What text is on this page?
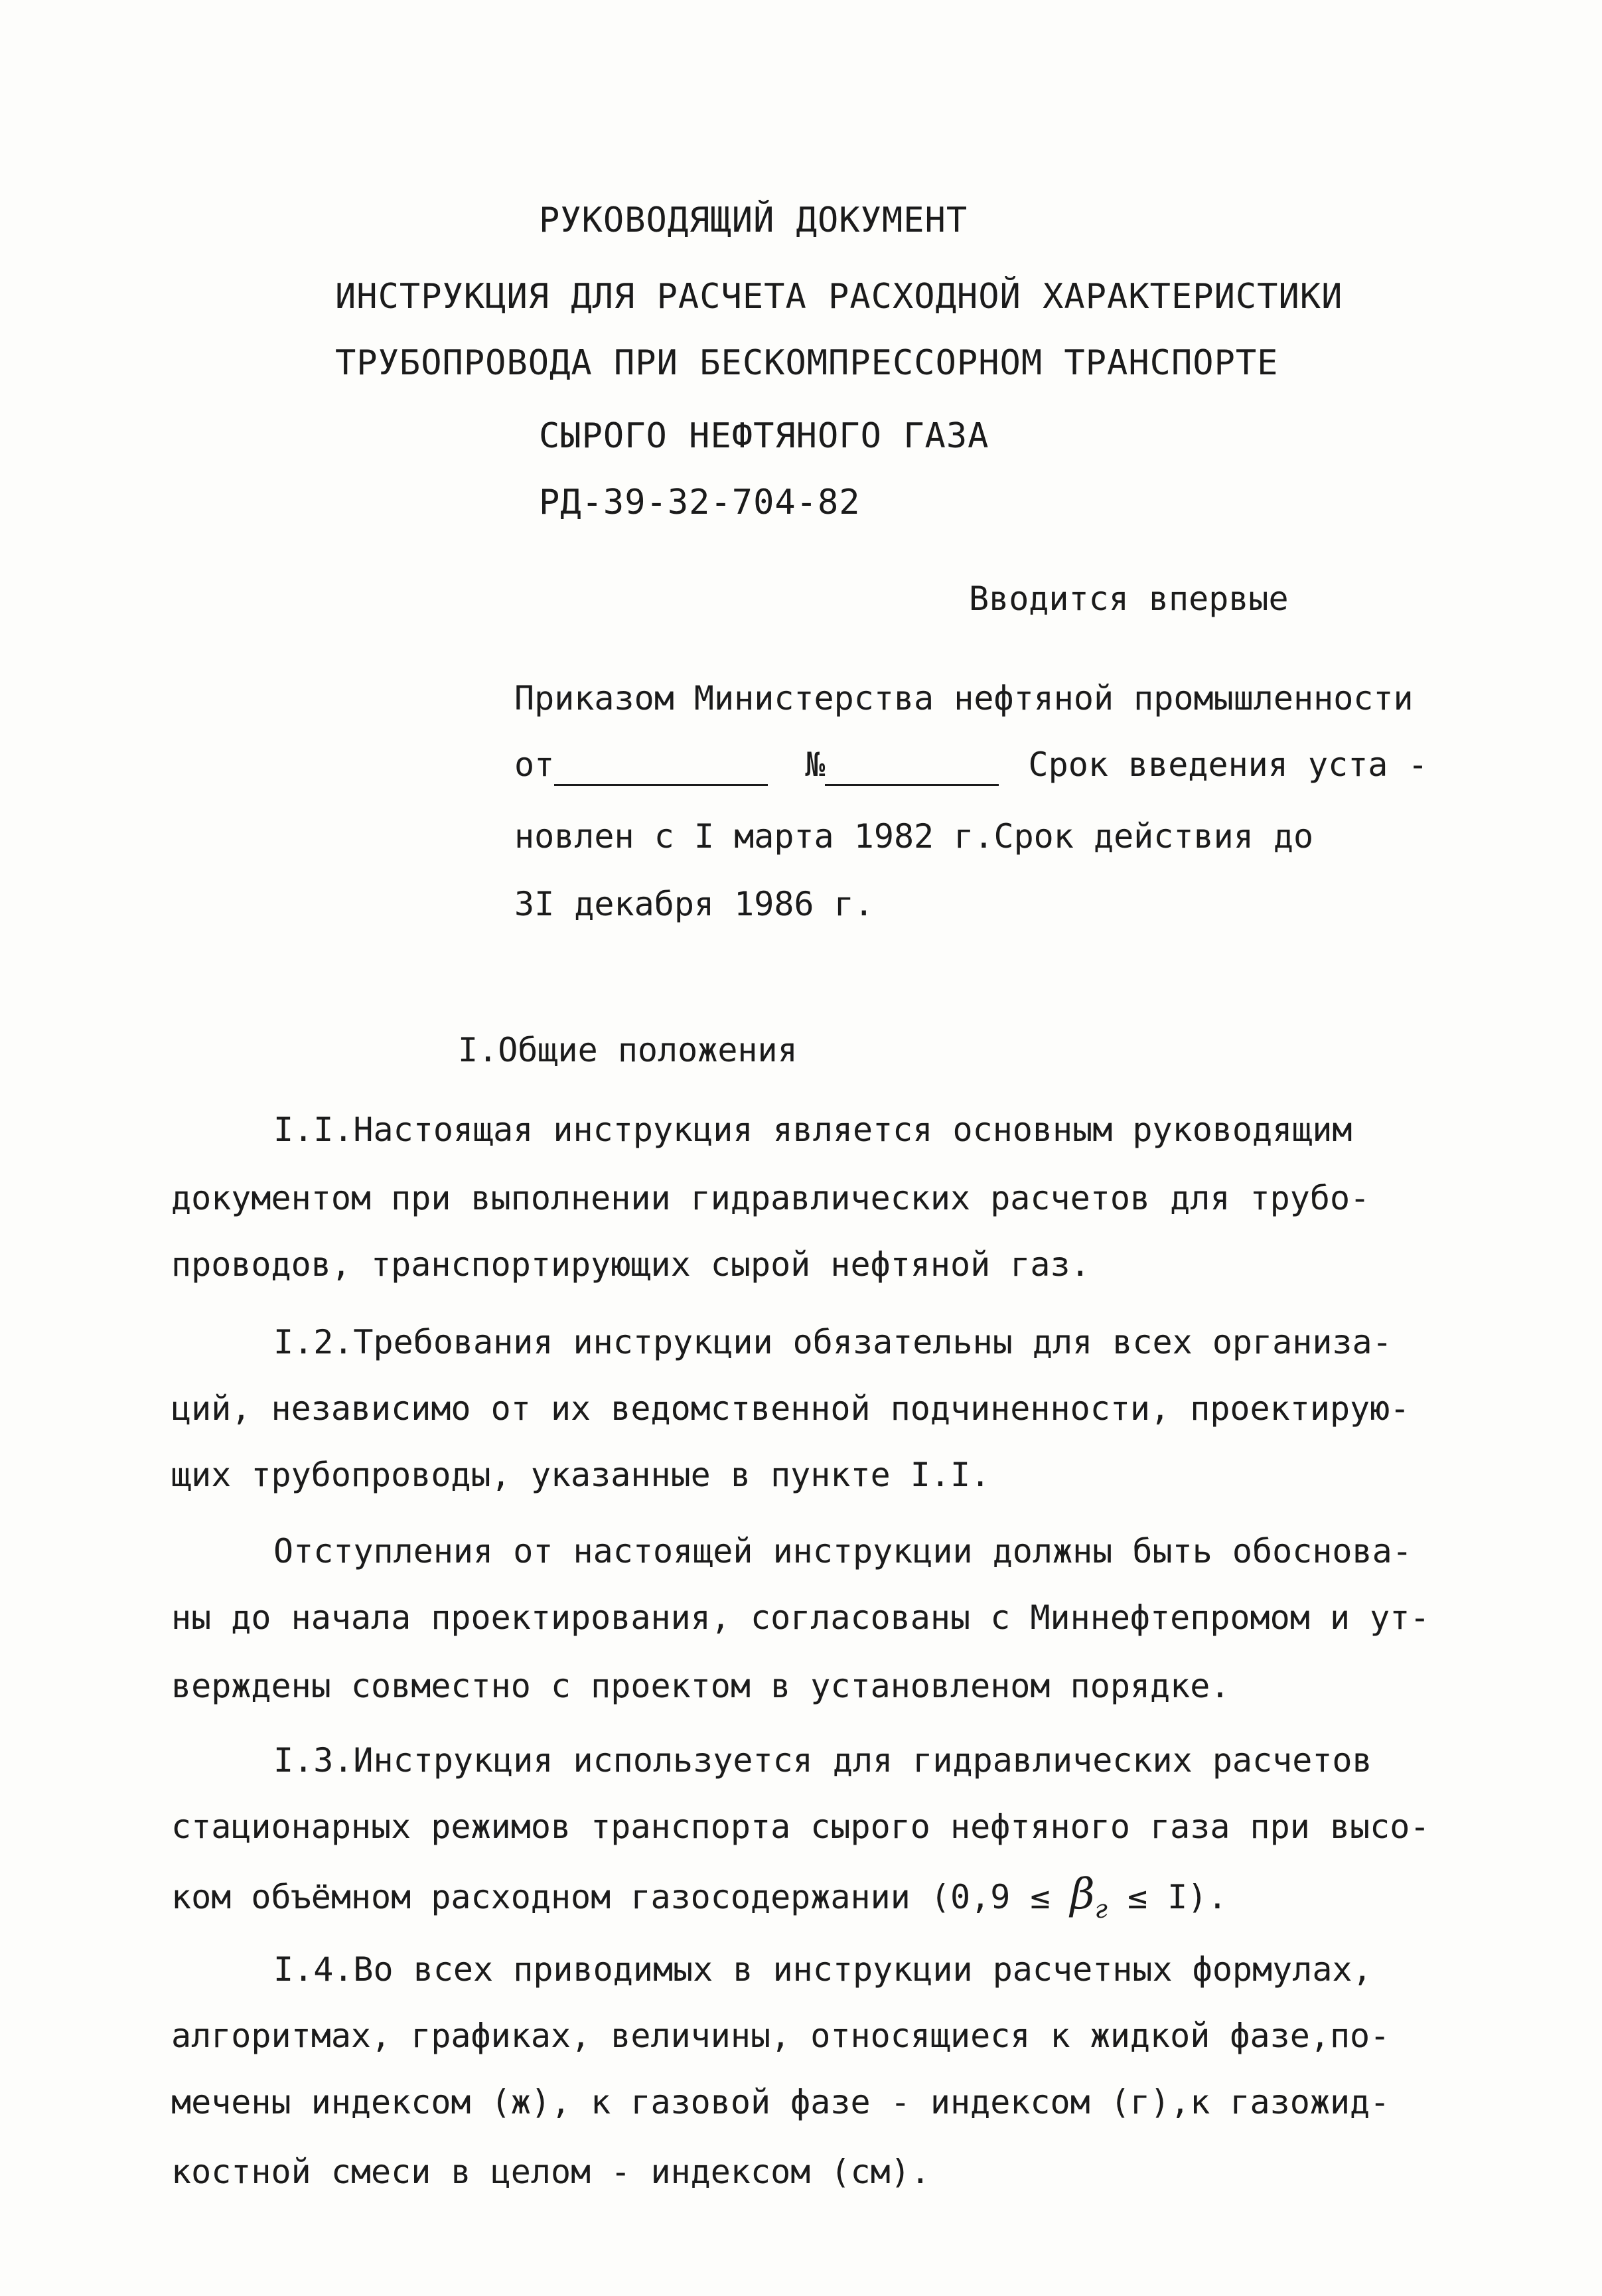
РУКОВОДЯЩИЙ ДОКУМЕНТ
ИНСТРУКЦИЯ ДЛЯ РАСЧЕТА РАСХОДНОЙ ХАРАКТЕРИСТИКИ
ТРУБОПРОВОДА ПРИ БЕСКОМПРЕССОРНОМ ТРАНСПОРТЕ
СЫРОГО НЕФТЯНОГО ГАЗА
РД-39-32-704-82
Вводится впервые
Приказом Министерства нефтяной промышленности
от	№	Срок введения уста -
новлен с I марта 1982 г.Срок действия до
3I декабря 1986 г.
I.Общие положения
I.I.Настоящая инструкция является основным руководящим
документом при выполнении гидравлических расчетов для трубо-
проводов, транспортирующих сырой нефтяной газ.
I.2.Требования инструкции обязательны для всех организа-
ций, независимо от их ведомственной подчиненности, проектирую-
щих трубопроводы, указанные в пункте I.I.
Отступления от настоящей инструкции должны быть обоснова-
ны до начала проектирования, согласованы с Миннефтепромом и ут-
верждены совместно с проектом в установленом порядке.
I.3.Инструкция используется для гидравлических расчетов
стационарных режимов транспорта сырого нефтяного газа при высо-
ком объёмном расходном газосодержании $(0,9 \le \beta_г \le I)$.
I.4.Во всех приводимых в инструкции расчетных формулах,
алгоритмах, графиках, величины, относящиеся к жидкой фазе,по-
мечены индексом (ж), к газовой фазе - индексом (г),к газожид-
костной смеси в целом - индексом (см).
